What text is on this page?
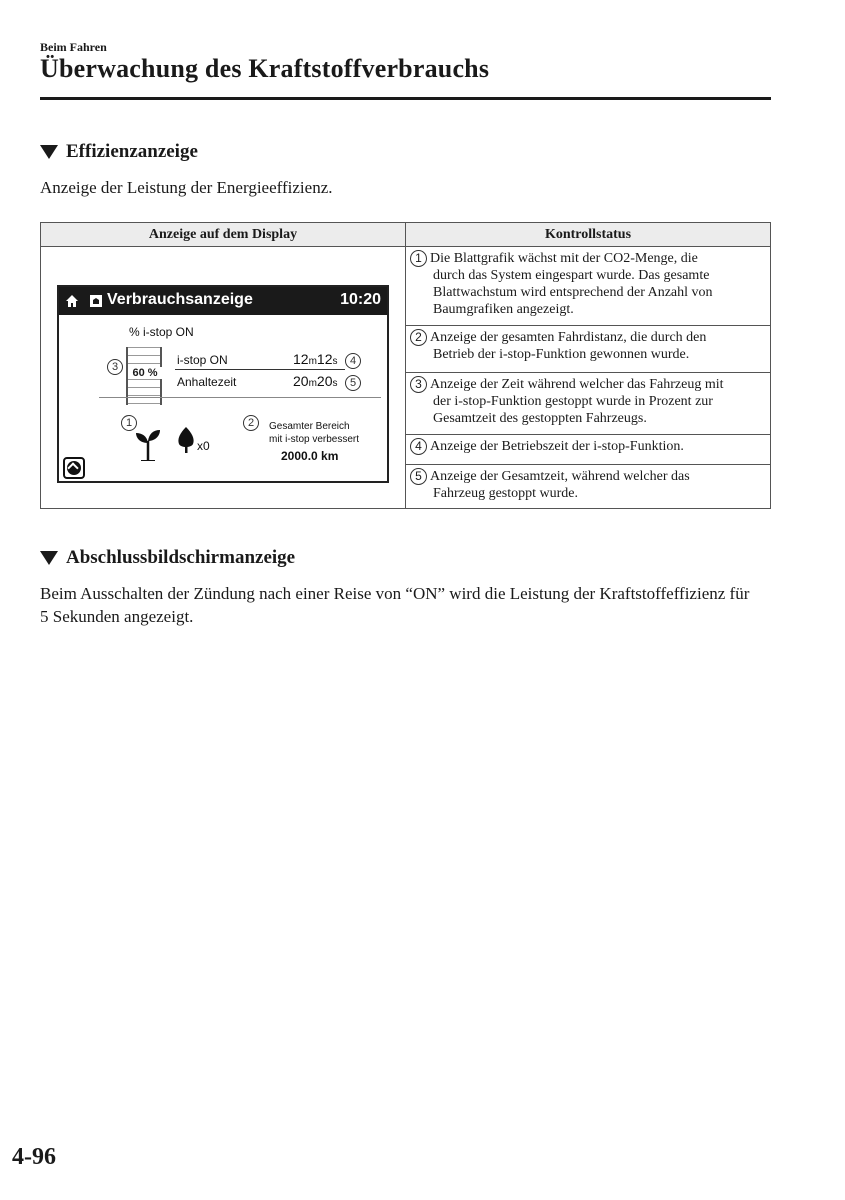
Beim Fahren
Überwachung des Kraftstoffverbrauchs
Effizienzanzeige
Anzeige der Leistung der Energieeffizienz.
Anzeige auf dem Display
Verbrauchsanzeige	10:20
% i-stop ON
3	60 %
i-stop ON	12m12s	4
Anhaltezeit	20m20s	5
1
x0
2	Gesamter Bereich
mit i-stop verbessert
2000.0 km
Kontrollstatus
1 Die Blattgrafik wächst mit der CO2-Menge, die
durch das System eingespart wurde. Das gesamte Blattwachstum wird entsprechend der Anzahl von Baumgrafiken angezeigt.
2 Anzeige der gesamten Fahrdistanz, die durch den
Betrieb der i-stop-Funktion gewonnen wurde.
3 Anzeige der Zeit während welcher das Fahrzeug mit
der i-stop-Funktion gestoppt wurde in Prozent zur Gesamtzeit des gestoppten Fahrzeugs.
4 Anzeige der Betriebszeit der i-stop-Funktion.
5 Anzeige der Gesamtzeit, während welcher das
Fahrzeug gestoppt wurde.
Abschlussbildschirmanzeige
Beim Ausschalten der Zündung nach einer Reise von “ON” wird die Leistung der Kraftstoffeffizienz für 5 Sekunden angezeigt.
4-96
